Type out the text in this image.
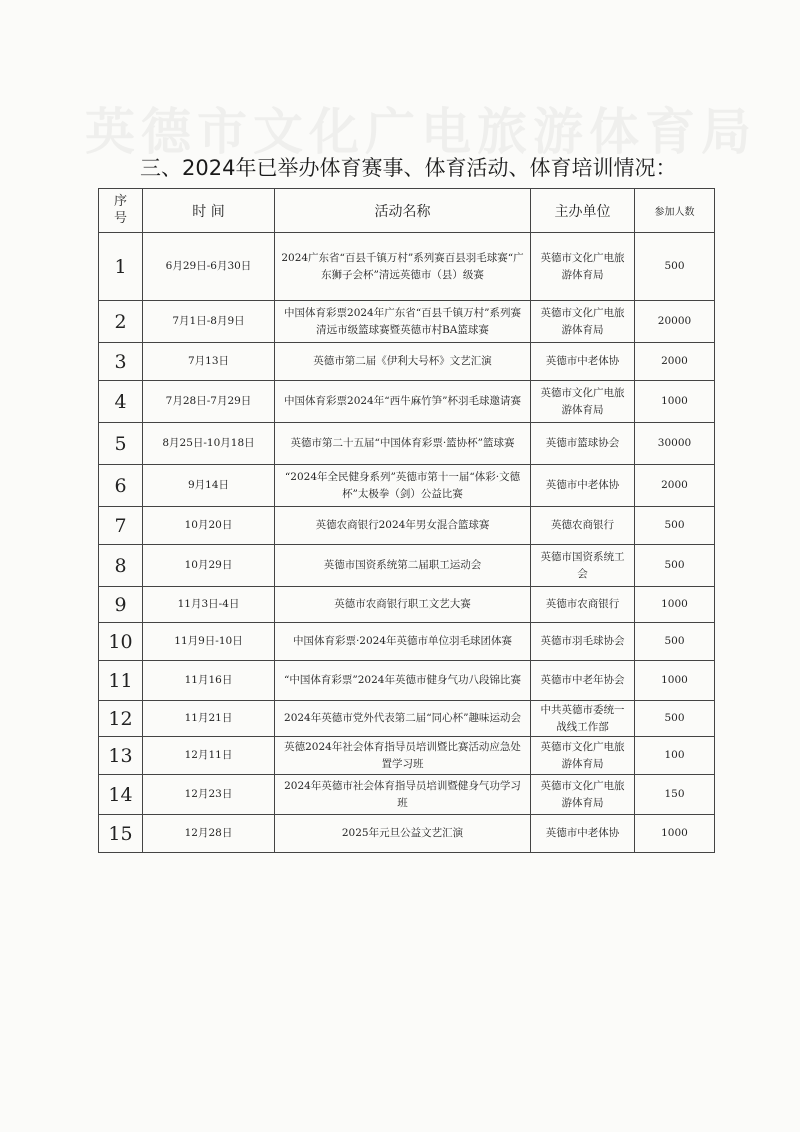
英德市文化广电旅游体育局
三、2024年已举办体育赛事、体育活动、体育培训情况：
序号	时 间	活动名称	主办单位	参加人数
1	6月29日-6月30日	2024广东省“百县千镇万村”系列赛百县羽毛球赛“广东狮子会杯”清远英德市（县）级赛	英德市文化广电旅游体育局	500
2	7月1日-8月9日	中国体育彩票2024年广东省“百县千镇万村”系列赛清远市级篮球赛暨英德市村BA篮球赛	英德市文化广电旅游体育局	20000
3	7月13日	英德市第二届《伊利大号杯》文艺汇演	英德市中老体协	2000
4	7月28日-7月29日	中国体育彩票2024年“西牛麻竹笋”杯羽毛球邀请赛	英德市文化广电旅游体育局	1000
5	8月25日-10月18日	英德市第二十五届“中国体育彩票·篮协杯”篮球赛	英德市篮球协会	30000
6	9月14日	“2024年全民健身系列”英德市第十一届“体彩·文德杯”太极拳（剑）公益比赛	英德市中老体协	2000
7	10月20日	英德农商银行2024年男女混合篮球赛	英德农商银行	500
8	10月29日	英德市国资系统第二届职工运动会	英德市国资系统工会	500
9	11月3日-4日	英德市农商银行职工文艺大赛	英德市农商银行	1000
10	11月9日-10日	中国体育彩票·2024年英德市单位羽毛球团体赛	英德市羽毛球协会	500
11	11月16日	“中国体育彩票”2024年英德市健身气功八段锦比赛	英德市中老年协会	1000
12	11月21日	2024年英德市党外代表第二届“同心杯”趣味运动会	中共英德市委统一战线工作部	500
13	12月11日	英德2024年社会体育指导员培训暨比赛活动应急处置学习班	英德市文化广电旅游体育局	100
14	12月23日	2024年英德市社会体育指导员培训暨健身气功学习班	英德市文化广电旅游体育局	150
15	12月28日	2025年元旦公益文艺汇演	英德市中老体协	1000
